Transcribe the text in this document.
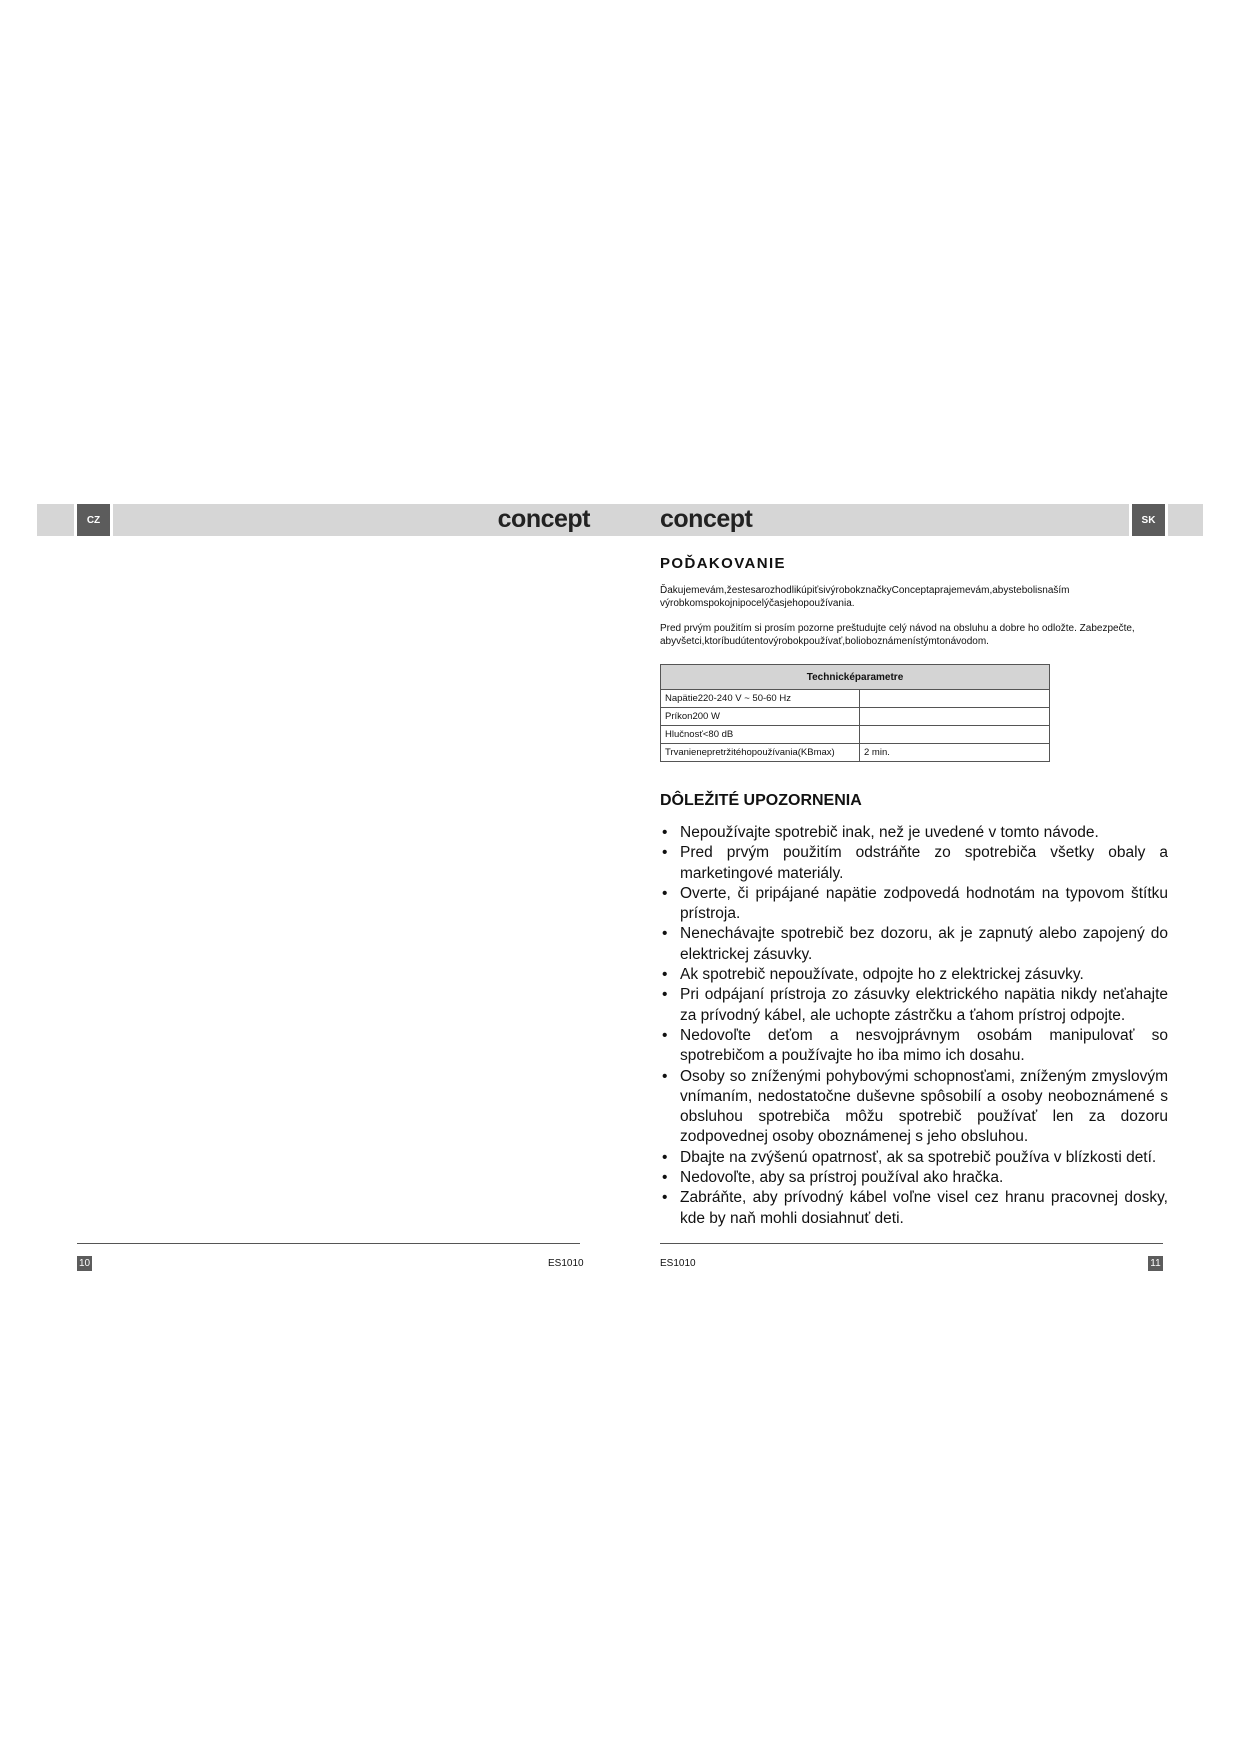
CZ	SK
concept	concept
POĎAKOVANIE

Ďakujemevám,žestesarozhodlikúpiťsivýrobokznačkyConceptaprajemevám,abystebolisnaším výrobkomspokojnipocelýčasjehopoužívania.

Pred prvým použitím si prosím pozorne preštudujte celý návod na obsluhu a dobre ho odložte. Zabezpečte, abyvšetci,ktoríbudútentovýrobokpoužívať,bolioboznámenístýmtonávodom.

Technicképarametre	
Napätie220-240 V ~ 50-60 Hz	
Príkon200 W	
Hlučnosť<80 dB	
Trvanienepretržitéhopoužívania(KBmax)	2 min.
DÔLEŽITÉ UPOZORNENIA
• Nepoužívajte spotrebič inak, než je uvedené v tomto návode.
• Pred prvým použitím odstráňte zo spotrebiča všetky obaly a marketingové materiály.
• Overte, či pripájané napätie zodpovedá hodnotám na typovom štítku prístroja.
• Nenechávajte spotrebič bez dozoru, ak je zapnutý alebo zapojený do elektrickej zásuvky.
• Ak spotrebič nepoužívate, odpojte ho z elektrickej zásuvky.
• Pri odpájaní prístroja zo zásuvky elektrického napätia nikdy neťahajte za prívodný kábel, ale uchopte zástrčku a ťahom prístroj odpojte.
• Nedovoľte deťom a nesvojprávnym osobám manipulovať so spotrebičom a používajte ho iba mimo ich dosahu.
• Osoby so zníženými pohybovými schopnosťami, zníženým zmyslovým vnímaním, nedostatočne duševne spôsobilí a osoby neoboznámené s obsluhou spotrebiča môžu spotrebič používať len za dozoru zodpovednej osoby oboznámenej s jeho obsluhou.
• Dbajte na zvýšenú opatrnosť, ak sa spotrebič používa v blízkosti detí.
• Nedovoľte, aby sa prístroj používal ako hračka.
• Zabráňte, aby prívodný kábel voľne visel cez hranu pracovnej dosky, kde by naň mohli dosiahnuť deti.
10	ES1010	ES1010	11
